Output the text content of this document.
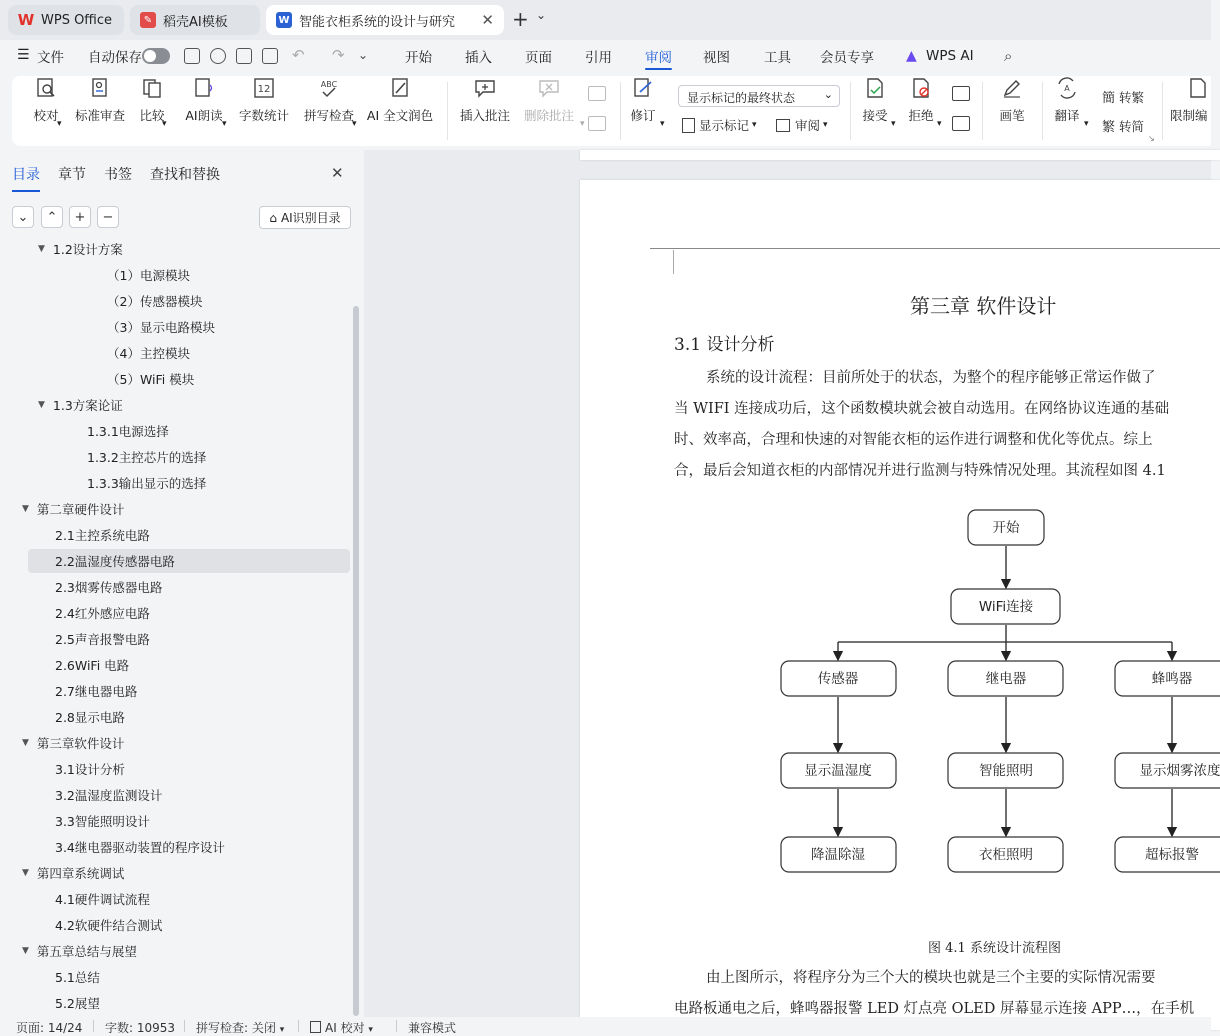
W WPS Office	✎ 稻壳AI模板	W 智能衣柜系统的设计与研究	✕ + ⌄
☰ 文件 自动保存	↶ ↷ ⌄	开始 插入 页面 引用 审阅 视图	工具 会员专享 ▲ WPS AI ⌕
校对
▾
标准审查 比较
▾
AI朗读
▾
12
字数统计
ABC
拼写检查
▾
AI 全文润色 插入批注 删除批注
▾
修订
▾
显示标记的最终状态	⌄
显示标记 ▾	审阅 ▾
接受
▾
拒绝
▾
画笔
A
翻译
▾
簡 转繁
繁 转简
↘
限制编
目录 章节 书签 查找和替换	✕
⌄	⌃	+	−	⌂ AI识别目录
▼ 1.2设计方案
（1）电源模块
（2）传感器模块
（3）显示电路模块
（4）主控模块
（5）WiFi 模块
▼ 1.3方案论证
1.3.1电源选择
1.3.2主控芯片的选择
1.3.3输出显示的选择
▼ 第二章硬件设计
2.1主控系统电路
2.2温湿度传感器电路
2.3烟雾传感器电路
2.4红外感应电路
2.5声音报警电路
2.6WiFi 电路
2.7继电器电路
2.8显示电路
▼ 第三章软件设计
3.1设计分析
3.2温湿度监测设计
3.3智能照明设计
3.4继电器驱动装置的程序设计
▼ 第四章系统调试
4.1硬件调试流程
4.2软硬件结合测试
▼ 第五章总结与展望
5.1总结
5.2展望
第三章 软件设计
3.1 设计分析
系统的设计流程：目前所处于的状态，为整个的程序能够正常运作做了
当 WIFI 连接成功后，这个函数模块就会被自动选用。在网络协议连通的基础
时、效率高，合理和快速的对智能衣柜的运作进行调整和优化等优点。综上
合，最后会知道衣柜的内部情况并进行监测与特殊情况处理。其流程如图 4.1
开始
WiFi连接
传感器	继电器	蜂鸣器
显示温湿度	智能照明	显示烟雾浓度
降温除湿	衣柜照明	超标报警
图 4.1 系统设计流程图
由上图所示，将程序分为三个大的模块也就是三个主要的实际情况需要
电路板通电之后，蜂鸣器报警 LED 灯点亮 OLED 屏幕显示连接 APP…，在手机
页面: 14/24 字数: 10953 拼写检查: 关闭 ▾	AI 校对 ▾	兼容模式
